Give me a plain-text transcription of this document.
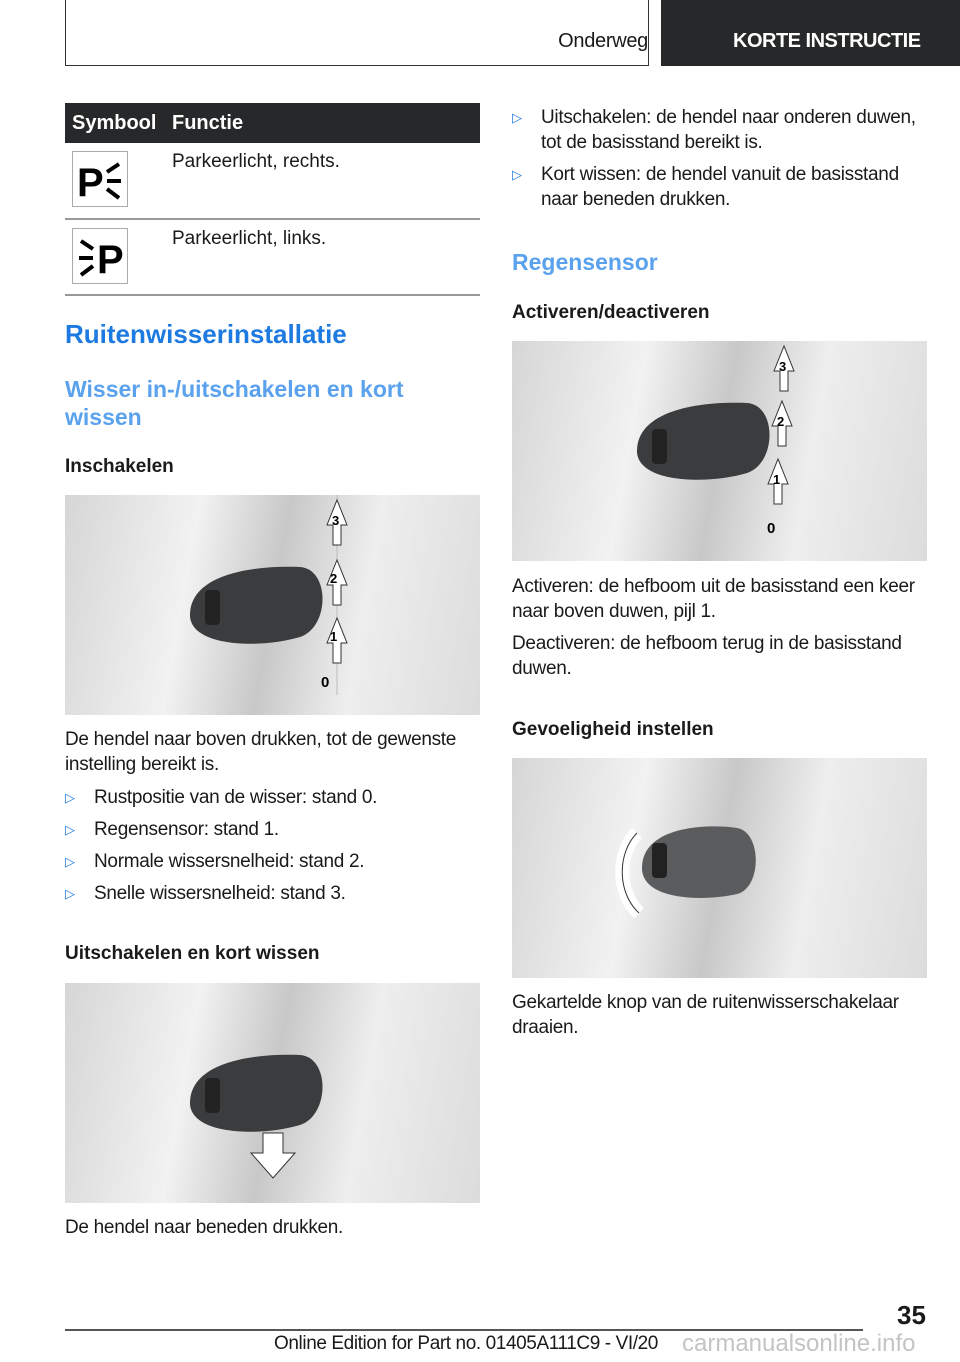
Onderweg	KORTE INSTRUCTIE
Symbool	Functie

P	Parkeerlicht, rechts.

P	Parkeerlicht, links.
Ruitenwisserinstallatie
Wisser in-/uitschakelen en kort wissen
Inschakelen
3
2
1
0
De hendel naar boven drukken, tot de gewenste instelling bereikt is.
▷ Rustpositie van de wisser: stand 0.
▷ Regensensor: stand 1.
▷ Normale wissersnelheid: stand 2.
▷ Snelle wissersnelheid: stand 3.
Uitschakelen en kort wissen
De hendel naar beneden drukken.
▷ Uitschakelen: de hendel naar onderen duwen, tot de basisstand bereikt is.
▷ Kort wissen: de hendel vanuit de basisstand naar beneden drukken.
Regensensor
Activeren/deactiveren
3
2
1
0
Activeren: de hefboom uit de basisstand een keer naar boven duwen, pijl 1.
Deactiveren: de hefboom terug in de basisstand duwen.
Gevoeligheid instellen
Gekartelde knop van de ruitenwisserschakelaar draaien.
35
Online Edition for Part no. 01405A111C9 - VI/20 carmanualsonline.info
